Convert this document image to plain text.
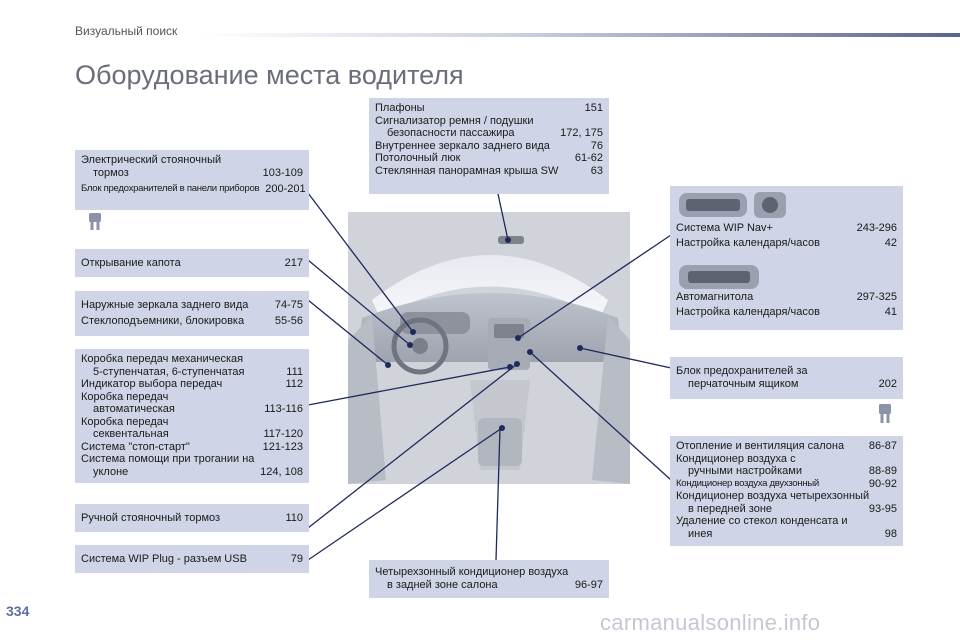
Визуальный поиск
Оборудование места водителя
Электрический стояночный
тормоз	103-109
Блок предохранителей в панели приборов 200-201
Открывание капота	217
Наружные зеркала заднего вида	74-75
Стеклоподъемники, блокировка	55-56
Коробка передач механическая
5-ступенчатая, 6-ступенчатая	111
Индикатор выбора передач	112
Коробка передач
автоматическая	113-116
Коробка передач
секвентальная	117-120
Система "стоп-старт"	121-123
Система помощи при трогании на
уклоне	124, 108
Ручной стояночный тормоз	110
Система WIP Plug - разъем USB	79
Плафоны	151
Сигнализатор ремня / подушки
безопасности пассажира	172, 175
Внутреннее зеркало заднего вида	76
Потолочный люк	61-62
Стеклянная панорамная крыша SW	63
Четырехзонный кондиционер воздуха
в задней зоне салона	96-97
Система WIP Nav+	243-296
Настройка календаря/часов	42
Автомагнитола	297-325
Настройка календаря/часов	41
Блок предохранителей за
перчаточным ящиком	202
Отопление и вентиляция салона	86-87
Кондиционер воздуха с
ручными настройками	88-89
Кондиционер воздуха двухзонный	90-92
Кондиционер воздуха четырехзонный
в передней зоне	93-95
Удаление со стекол конденсата и
инея	98
334	carmanualsonline.info
